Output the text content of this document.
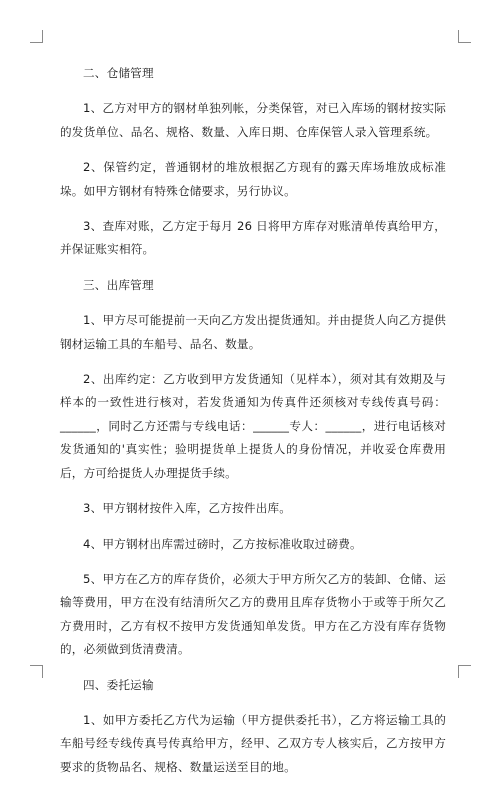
二、仓储管理

1、乙方对甲方的钢材单独列帐，分类保管，对已入库场的钢材按实际的发货单位、品名、规格、数量、入库日期、仓库保管人录入管理系统。

2、保管约定，普通钢材的堆放根据乙方现有的露天库场堆放成标准垛。如甲方钢材有特殊仓储要求，另行协议。

3、查库对账，乙方定于每月 26 日将甲方库存对账清单传真给甲方，并保证账实相符。

三、出库管理

1、甲方尽可能提前一天向乙方发出提货通知。并由提货人向乙方提供钢材运输工具的车船号、品名、数量。

2、出库约定：乙方收到甲方发货通知（见样本），须对其有效期及与样本的一致性进行核对，若发货通知为传真件还须核对专线传真号码：______，同时乙方还需与专线电话：______专人：______，进行电话核对发货通知的'真实性；验明提货单上提货人的身份情况，并收妥仓库费用后，方可给提货人办理提货手续。

3、甲方钢材按件入库，乙方按件出库。

4、甲方钢材出库需过磅时，乙方按标准收取过磅费。

5、甲方在乙方的库存货价，必须大于甲方所欠乙方的装卸、仓储、运输等费用，甲方在没有结清所欠乙方的费用且库存货物小于或等于所欠乙方费用时，乙方有权不按甲方发货通知单发货。甲方在乙方没有库存货物的，必须做到货清费清。

四、委托运输

1、如甲方委托乙方代为运输（甲方提供委托书），乙方将运输工具的车船号经专线传真号传真给甲方，经甲、乙双方专人核实后，乙方按甲方要求的货物品名、规格、数量运送至目的地。
